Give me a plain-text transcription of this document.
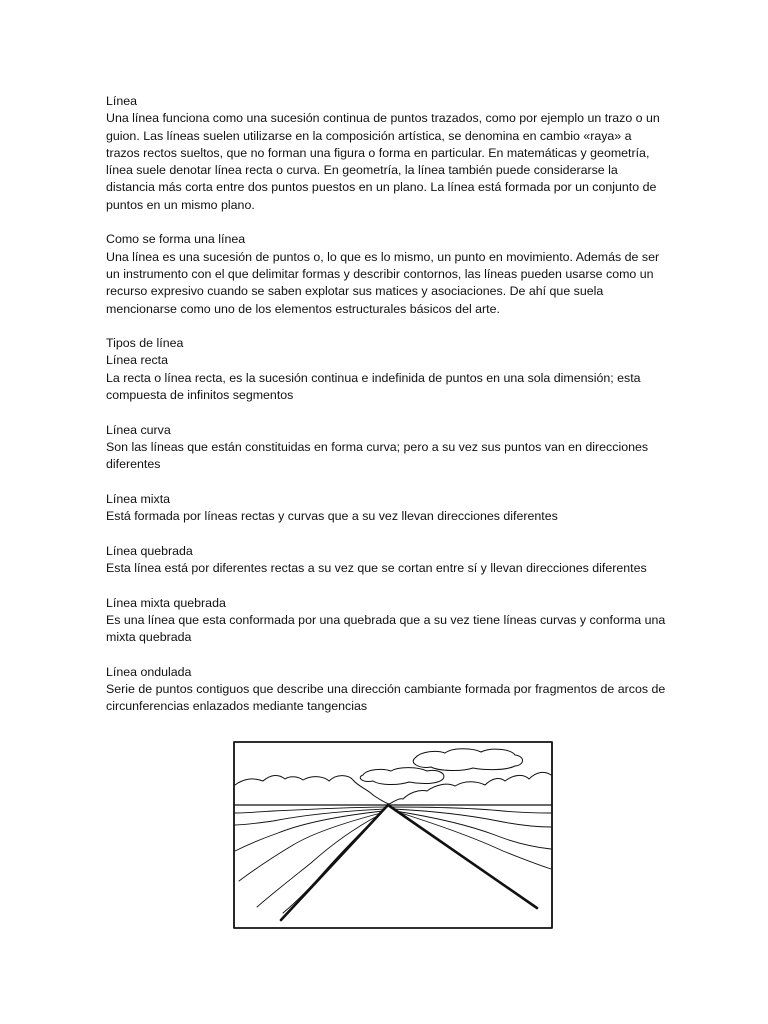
Línea

Una línea funciona como una sucesión continua de puntos trazados, como por ejemplo un trazo o un guion. Las líneas suelen utilizarse en la composición artística, se denomina en cambio «raya» a trazos rectos sueltos, que no forman una figura o forma en particular. En matemáticas y geometría, línea suele denotar línea recta o curva. En geometría, la línea también puede considerarse la distancia más corta entre dos puntos puestos en un plano. La línea está formada por un conjunto de puntos en un mismo plano.

Como se forma una línea

Una línea es una sucesión de puntos o, lo que es lo mismo, un punto en movimiento. Además de ser un instrumento con el que delimitar formas y describir contornos, las líneas pueden usarse como un recurso expresivo cuando se saben explotar sus matices y asociaciones. De ahí que suela mencionarse como uno de los elementos estructurales básicos del arte.

Tipos de línea

Línea recta

La recta o línea recta, es la sucesión continua e indefinida de puntos en una sola dimensión; esta compuesta de infinitos segmentos

Línea curva

Son las líneas que están constituidas en forma curva; pero a su vez sus puntos van en direcciones diferentes

Línea mixta

Está formada por líneas rectas y curvas que a su vez llevan direcciones diferentes

Línea quebrada

Esta línea está por diferentes rectas a su vez que se cortan entre sí y llevan direcciones diferentes

Línea mixta quebrada

Es una línea que esta conformada por una quebrada que a su vez tiene líneas curvas y conforma una mixta quebrada

Línea ondulada

Serie de puntos contiguos que describe una dirección cambiante formada por fragmentos de arcos de circunferencias enlazados mediante tangencias
